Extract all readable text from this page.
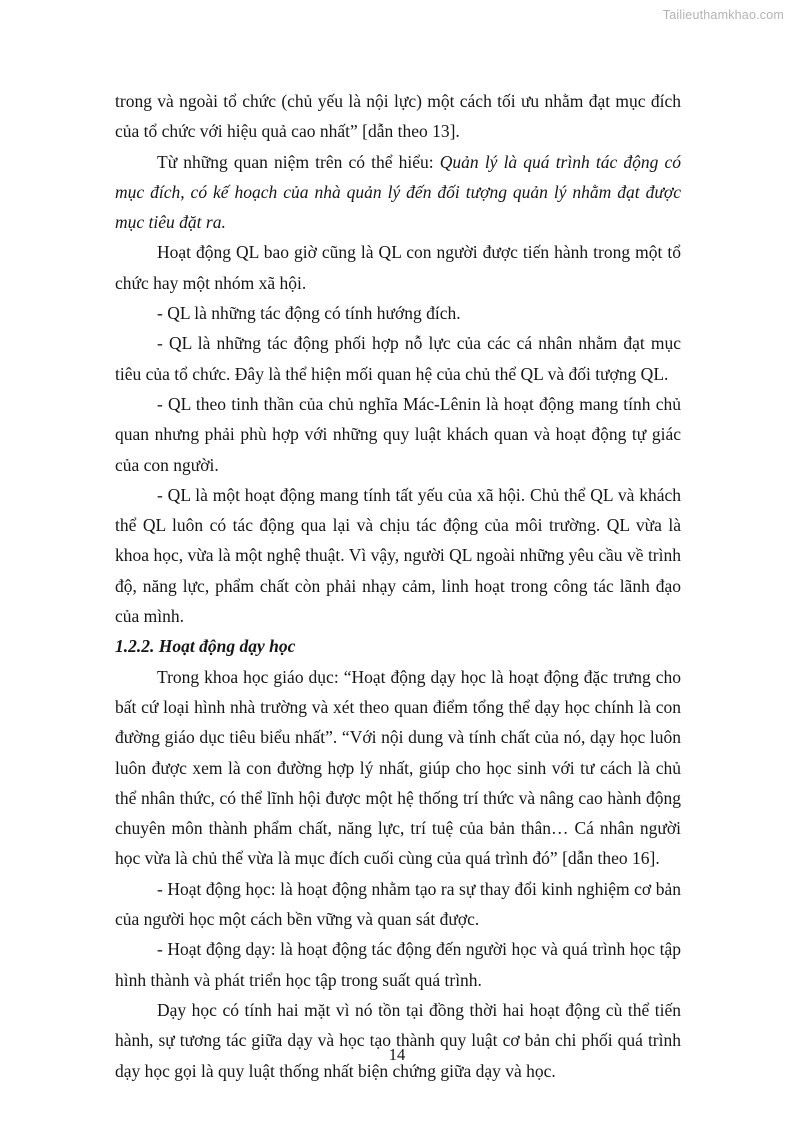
Tailieuthamkhao.com

trong và ngoài tổ chức (chủ yếu là nội lực) một cách tối ưu nhằm đạt mục đích của tổ chức với hiệu quả cao nhất” [dẫn theo 13].

Từ những quan niệm trên có thể hiểu: Quản lý là quá trình tác động có mục đích, có kế hoạch của nhà quản lý đến đối tượng quản lý nhằm đạt được mục tiêu đặt ra.

Hoạt động QL bao giờ cũng là QL con người được tiến hành trong một tổ chức hay một nhóm xã hội.

- QL là những tác động có tính hướng đích.

- QL là những tác động phối hợp nỗ lực của các cá nhân nhằm đạt mục tiêu của tổ chức. Đây là thể hiện mối quan hệ của chủ thể QL và đối tượng QL.

- QL theo tinh thần của chủ nghĩa Mác-Lênin là hoạt động mang tính chủ quan nhưng phải phù hợp với những quy luật khách quan và hoạt động tự giác của con người.

- QL là một hoạt động mang tính tất yếu của xã hội. Chủ thể QL và khách thể QL luôn có tác động qua lại và chịu tác động của môi trường. QL vừa là khoa học, vừa là một nghệ thuật. Vì vậy, người QL ngoài những yêu cầu về trình độ, năng lực, phẩm chất còn phải nhạy cảm, linh hoạt trong công tác lãnh đạo của mình.

1.2.2. Hoạt động dạy học

Trong khoa học giáo dục: “Hoạt động dạy học là hoạt động đặc trưng cho bất cứ loại hình nhà trường và xét theo quan điểm tổng thể dạy học chính là con đường giáo dục tiêu biểu nhất”. “Với nội dung và tính chất của nó, dạy học luôn luôn được xem là con đường hợp lý nhất, giúp cho học sinh với tư cách là chủ thể nhân thức, có thể lĩnh hội được một hệ thống trí thức và nâng cao hành động chuyên môn thành phẩm chất, năng lực, trí tuệ của bản thân… Cá nhân người học vừa là chủ thể vừa là mục đích cuối cùng của quá trình đó” [dẫn theo 16].

- Hoạt động học: là hoạt động nhằm tạo ra sự thay đổi kinh nghiệm cơ bản của người học một cách bền vững và quan sát được.

- Hoạt động dạy: là hoạt động tác động đến người học và quá trình học tập hình thành và phát triển học tập trong suất quá trình.

Dạy học có tính hai mặt vì nó tồn tại đồng thời hai hoạt động cù thể tiến hành, sự tương tác giữa dạy và học tạo thành quy luật cơ bản chi phối quá trình dạy học gọi là quy luật thống nhất biện chứng giữa dạy và học.

14
